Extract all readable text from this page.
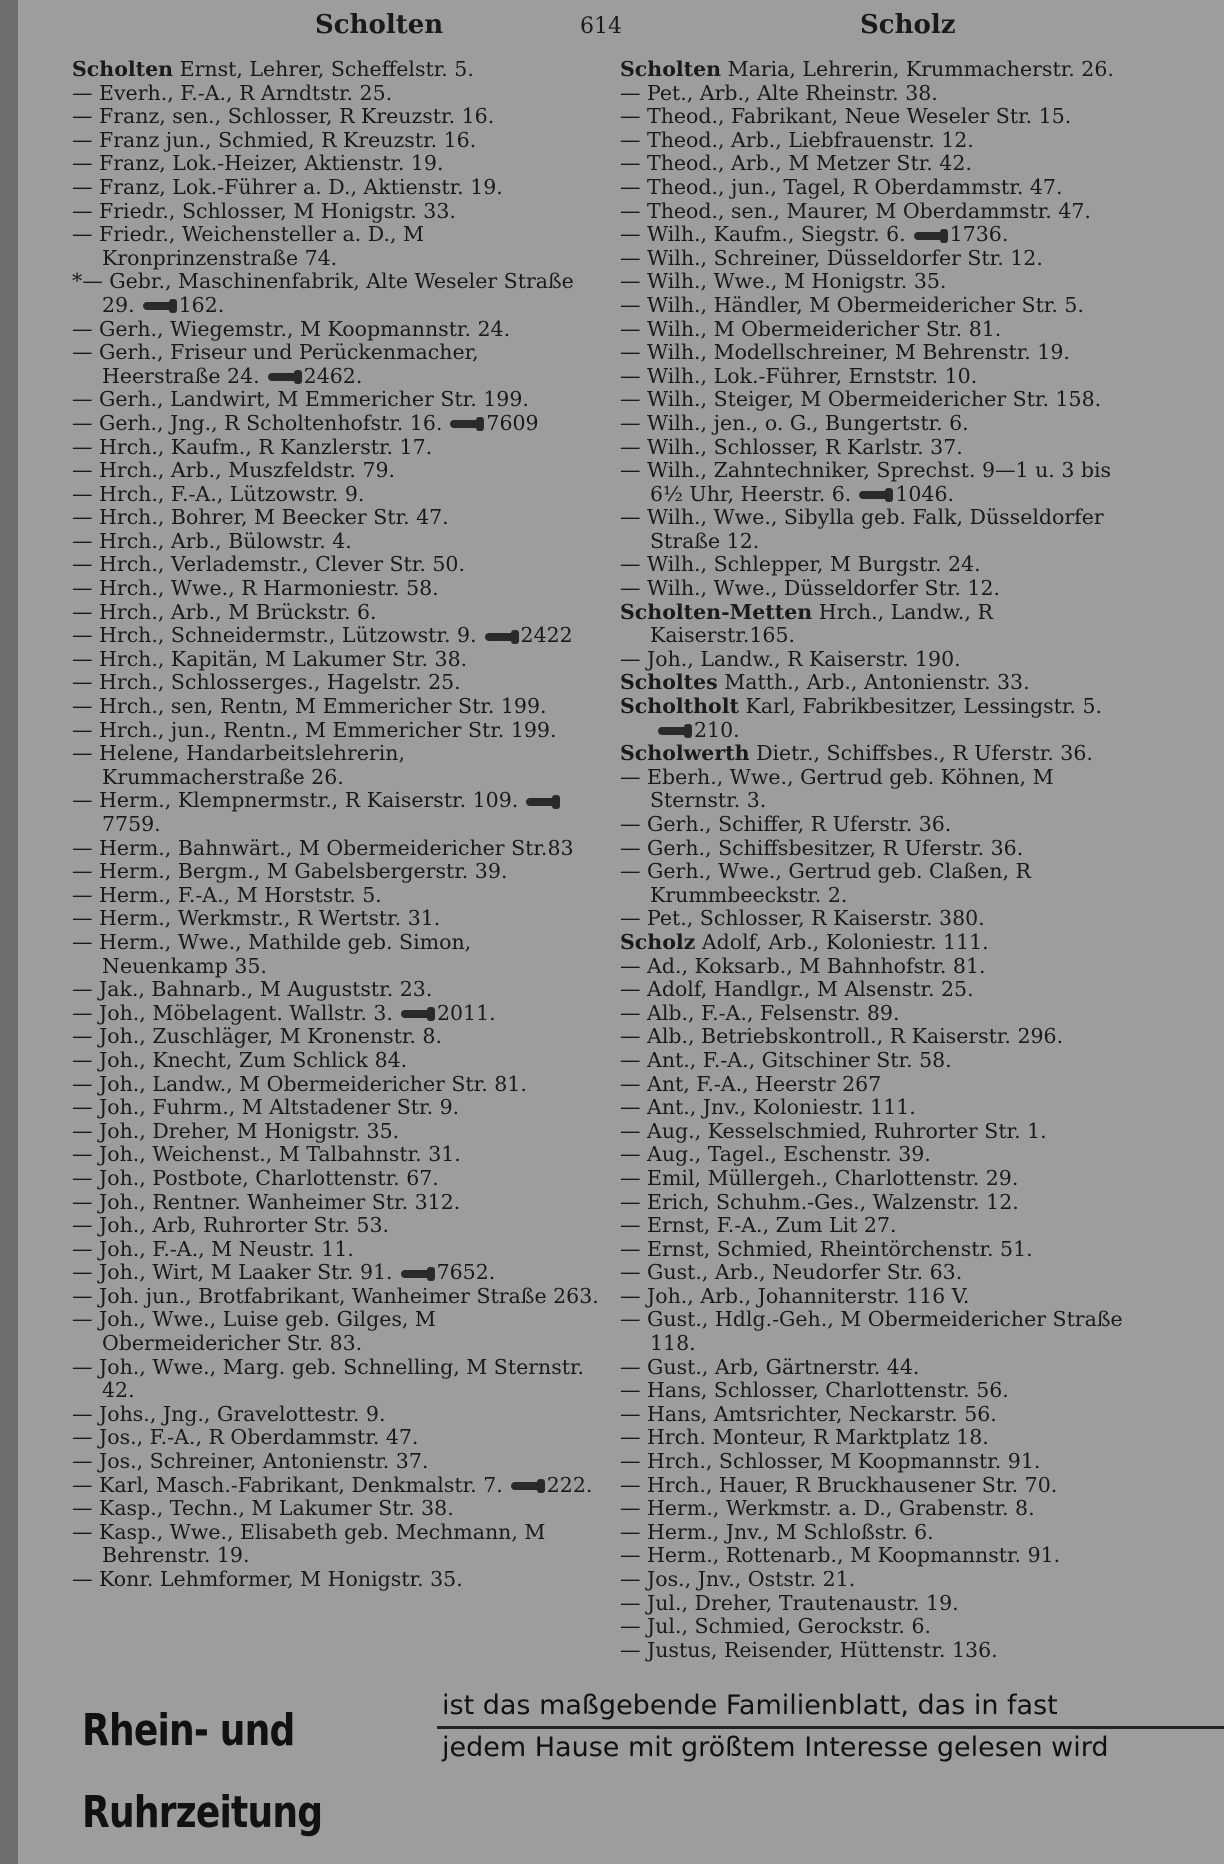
Scholten	614	Scholz

Scholten Ernst, Lehrer, Scheffelstr. 5.

— Everh., F.-A., R Arndtstr. 25.

— Franz, sen., Schlosser, R Kreuzstr. 16.

— Franz jun., Schmied, R Kreuzstr. 16.

— Franz, Lok.-Heizer, Aktienstr. 19.

— Franz, Lok.-Führer a. D., Aktienstr. 19.

— Friedr., Schlosser, M Honigstr. 33.

— Friedr., Weichensteller a. D., M Kronprinzenstraße 74.

*— Gebr., Maschinenfabrik, Alte Weseler Straße 29. 162.

— Gerh., Wiegemstr., M Koopmannstr. 24.

— Gerh., Friseur und Perückenmacher, Heerstraße 24. 2462.

— Gerh., Landwirt, M Emmericher Str. 199.

— Gerh., Jng., R Scholtenhofstr. 16. 7609

— Hrch., Kaufm., R Kanzlerstr. 17.

— Hrch., Arb., Muszfeldstr. 79.

— Hrch., F.-A., Lützowstr. 9.

— Hrch., Bohrer, M Beecker Str. 47.

— Hrch., Arb., Bülowstr. 4.

— Hrch., Verlademstr., Clever Str. 50.

— Hrch., Wwe., R Harmoniestr. 58.

— Hrch., Arb., M Brückstr. 6.

— Hrch., Schneidermstr., Lützowstr. 9. 2422

— Hrch., Kapitän, M Lakumer Str. 38.

— Hrch., Schlosserges., Hagelstr. 25.

— Hrch., sen, Rentn, M Emmericher Str. 199.

— Hrch., jun., Rentn., M Emmericher Str. 199.

— Helene, Handarbeitslehrerin, Krummacherstraße 26.

— Herm., Klempnermstr., R Kaiserstr. 109.7759.

— Herm., Bahnwärt., M Obermeidericher Str.83

— Herm., Bergm., M Gabelsbergerstr. 39.

— Herm., F.-A., M Horststr. 5.

— Herm., Werkmstr., R Wertstr. 31.

— Herm., Wwe., Mathilde geb. Simon, Neuenkamp 35.

— Jak., Bahnarb., M Auguststr. 23.

— Joh., Möbelagent. Wallstr. 3. 2011.

— Joh., Zuschläger, M Kronenstr. 8.

— Joh., Knecht, Zum Schlick 84.

— Joh., Landw., M Obermeidericher Str. 81.

— Joh., Fuhrm., M Altstadener Str. 9.

— Joh., Dreher, M Honigstr. 35.

— Joh., Weichenst., M Talbahnstr. 31.

— Joh., Postbote, Charlottenstr. 67.

— Joh., Rentner. Wanheimer Str. 312.

— Joh., Arb, Ruhrorter Str. 53.

— Joh., F.-A., M Neustr. 11.

— Joh., Wirt, M Laaker Str. 91. 7652.

— Joh. jun., Brotfabrikant, Wanheimer Straße 263.

— Joh., Wwe., Luise geb. Gilges, M Obermeidericher Str. 83.

— Joh., Wwe., Marg. geb. Schnelling, M Sternstr. 42.

— Johs., Jng., Gravelottestr. 9.

— Jos., F.-A., R Oberdammstr. 47.

— Jos., Schreiner, Antonienstr. 37.

— Karl, Masch.-Fabrikant, Denkmalstr. 7. 222.

— Kasp., Techn., M Lakumer Str. 38.

— Kasp., Wwe., Elisabeth geb. Mechmann, M Behrenstr. 19.

— Konr. Lehmformer, M Honigstr. 35.

Scholten Maria, Lehrerin, Krummacherstr. 26.

— Pet., Arb., Alte Rheinstr. 38.

— Theod., Fabrikant, Neue Weseler Str. 15.

— Theod., Arb., Liebfrauenstr. 12.

— Theod., Arb., M Metzer Str. 42.

— Theod., jun., Tagel, R Oberdammstr. 47.

— Theod., sen., Maurer, M Oberdammstr. 47.

— Wilh., Kaufm., Siegstr. 6. 1736.

— Wilh., Schreiner, Düsseldorfer Str. 12.

— Wilh., Wwe., M Honigstr. 35.

— Wilh., Händler, M Obermeidericher Str. 5.

— Wilh., M Obermeidericher Str. 81.

— Wilh., Modellschreiner, M Behrenstr. 19.

— Wilh., Lok.-Führer, Ernststr. 10.

— Wilh., Steiger, M Obermeidericher Str. 158.

— Wilh., jen., o. G., Bungertstr. 6.

— Wilh., Schlosser, R Karlstr. 37.

— Wilh., Zahntechniker, Sprechst. 9—1 u. 3 bis 6½ Uhr, Heerstr. 6. 1046.

— Wilh., Wwe., Sibylla geb. Falk, Düsseldorfer Straße 12.

— Wilh., Schlepper, M Burgstr. 24.

— Wilh., Wwe., Düsseldorfer Str. 12.

Scholten-Metten Hrch., Landw., R Kaiserstr.165.

— Joh., Landw., R Kaiserstr. 190.

Scholtes Matth., Arb., Antonienstr. 33.

Scholtholt Karl, Fabrikbesitzer, Lessingstr. 5.210.

Scholwerth Dietr., Schiffsbes., R Uferstr. 36.

— Eberh., Wwe., Gertrud geb. Köhnen, M Sternstr. 3.

— Gerh., Schiffer, R Uferstr. 36.

— Gerh., Schiffsbesitzer, R Uferstr. 36.

— Gerh., Wwe., Gertrud geb. Claßen, R Krummbeeckstr. 2.

— Pet., Schlosser, R Kaiserstr. 380.

Scholz Adolf, Arb., Koloniestr. 111.

— Ad., Koksarb., M Bahnhofstr. 81.

— Adolf, Handlgr., M Alsenstr. 25.

— Alb., F.-A., Felsenstr. 89.

— Alb., Betriebskontroll., R Kaiserstr. 296.

— Ant., F.-A., Gitschiner Str. 58.

— Ant, F.-A., Heerstr 267

— Ant., Jnv., Koloniestr. 111.

— Aug., Kesselschmied, Ruhrorter Str. 1.

— Aug., Tagel., Eschenstr. 39.

— Emil, Müllergeh., Charlottenstr. 29.

— Erich, Schuhm.-Ges., Walzenstr. 12.

— Ernst, F.-A., Zum Lit 27.

— Ernst, Schmied, Rheintörchenstr. 51.

— Gust., Arb., Neudorfer Str. 63.

— Joh., Arb., Johanniterstr. 116 V.

— Gust., Hdlg.-Geh., M Obermeidericher Straße 118.

— Gust., Arb, Gärtnerstr. 44.

— Hans, Schlosser, Charlottenstr. 56.

— Hans, Amtsrichter, Neckarstr. 56.

— Hrch. Monteur, R Marktplatz 18.

— Hrch., Schlosser, M Koopmannstr. 91.

— Hrch., Hauer, R Bruckhausener Str. 70.

— Herm., Werkmstr. a. D., Grabenstr. 8.

— Herm., Jnv., M Schloßstr. 6.

— Herm., Rottenarb., M Koopmannstr. 91.

— Jos., Jnv., Oststr. 21.

— Jul., Dreher, Trautenaustr. 19.

— Jul., Schmied, Gerockstr. 6.

— Justus, Reisender, Hüttenstr. 136.

Rhein- und Ruhrzeitung
ist das maßgebende Familienblatt, das in fast
jedem Hause mit größtem Interesse gelesen wird
